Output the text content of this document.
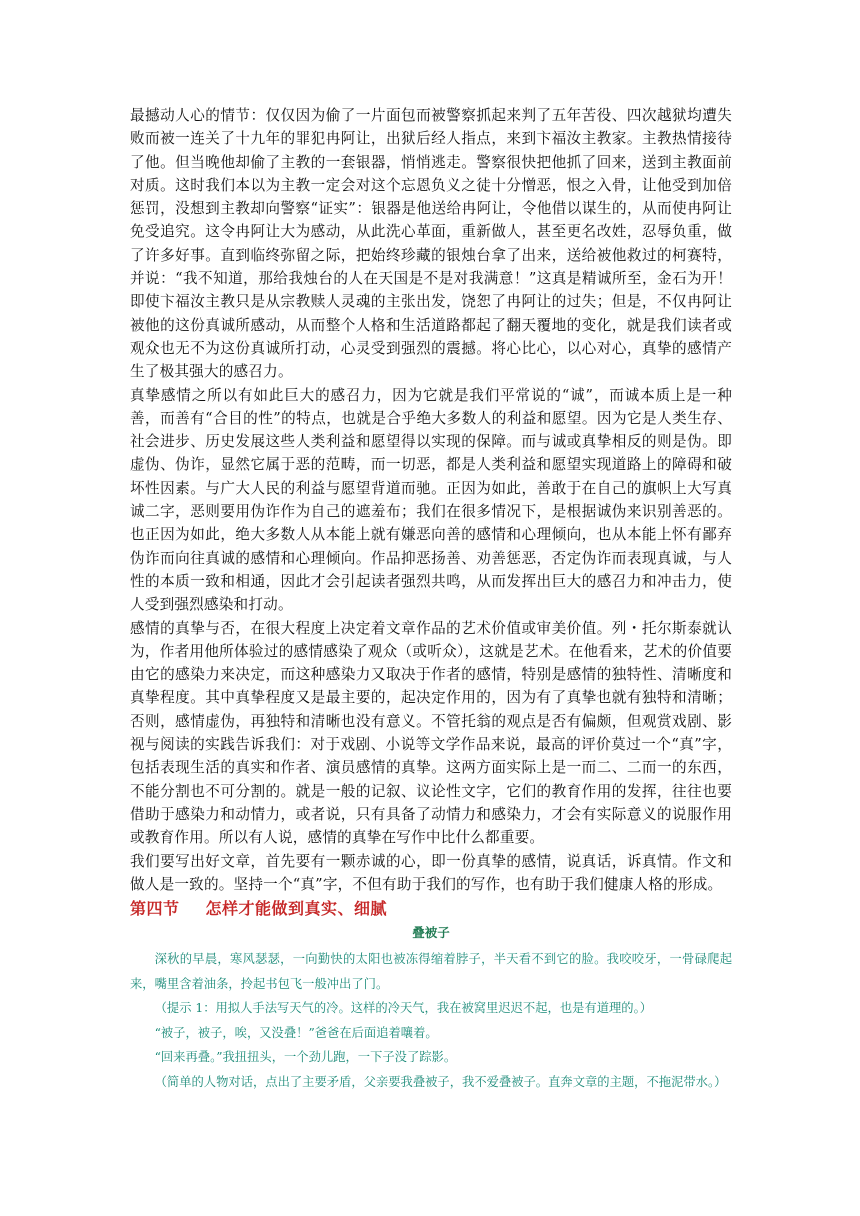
最撼动人心的情节：仅仅因为偷了一片面包而被警察抓起来判了五年苦役、四次越狱均遭失败而被一连关了十九年的罪犯冉阿让，出狱后经人指点，来到卞福汝主教家。主教热情接待了他。但当晚他却偷了主教的一套银器，悄悄逃走。警察很快把他抓了回来，送到主教面前对质。这时我们本以为主教一定会对这个忘恩负义之徒十分憎恶，恨之入骨，让他受到加倍惩罚，没想到主教却向警察“证实”：银器是他送给冉阿让，令他借以谋生的，从而使冉阿让免受追究。这令冉阿让大为感动，从此洗心革面，重新做人，甚至更名改姓，忍辱负重，做了许多好事。直到临终弥留之际，把始终珍藏的银烛台拿了出来，送给被他救过的柯赛特，并说：“我不知道，那给我烛台的人在天国是不是对我满意！”这真是精诚所至，金石为开！即使卞福汝主教只是从宗教赎人灵魂的主张出发，饶恕了冉阿让的过失；但是，不仅冉阿让被他的这份真诚所感动，从而整个人格和生活道路都起了翻天覆地的变化，就是我们读者或观众也无不为这份真诚所打动，心灵受到强烈的震撼。将心比心，以心对心，真挚的感情产生了极其强大的感召力。

真挚感情之所以有如此巨大的感召力，因为它就是我们平常说的“诚”，而诚本质上是一种善，而善有“合目的性”的特点，也就是合乎绝大多数人的利益和愿望。因为它是人类生存、社会进步、历史发展这些人类利益和愿望得以实现的保障。而与诚或真挚相反的则是伪。即虚伪、伪诈，显然它属于恶的范畴，而一切恶，都是人类利益和愿望实现道路上的障碍和破坏性因素。与广大人民的利益与愿望背道而驰。正因为如此，善敢于在自己的旗帜上大写真诚二字，恶则要用伪诈作为自己的遮羞布；我们在很多情况下，是根据诚伪来识别善恶的。也正因为如此，绝大多数人从本能上就有嫌恶向善的感情和心理倾向，也从本能上怀有鄙弃伪诈而向往真诚的感情和心理倾向。作品抑恶扬善、劝善惩恶，否定伪诈而表现真诚，与人性的本质一致和相通，因此才会引起读者强烈共鸣，从而发挥出巨大的感召力和冲击力，使人受到强烈感染和打动。

感情的真挚与否，在很大程度上决定着文章作品的艺术价值或审美价值。列・托尔斯泰就认为，作者用他所体验过的感情感染了观众（或听众），这就是艺术。在他看来，艺术的价值要由它的感染力来决定，而这种感染力又取决于作者的感情，特别是感情的独特性、清晰度和真挚程度。其中真挚程度又是最主要的，起决定作用的，因为有了真挚也就有独特和清晰；否则，感情虚伪，再独特和清晰也没有意义。不管托翁的观点是否有偏颇，但观赏戏剧、影视与阅读的实践告诉我们：对于戏剧、小说等文学作品来说，最高的评价莫过一个“真”字，包括表现生活的真实和作者、演员感情的真挚。这两方面实际上是一而二、二而一的东西，不能分割也不可分割的。就是一般的记叙、议论性文字，它们的教育作用的发挥，往往也要借助于感染力和动情力，或者说，只有具备了动情力和感染力，才会有实际意义的说服作用或教育作用。所以有人说，感情的真挚在写作中比什么都重要。

我们要写出好文章，首先要有一颗赤诚的心，即一份真挚的感情，说真话，诉真情。作文和做人是一致的。坚持一个“真”字，不但有助于我们的写作，也有助于我们健康人格的形成。

第四节 怎样才能做到真实、细腻
叠被子

深秋的早晨，寒风瑟瑟，一向勤快的太阳也被冻得缩着脖子，半天看不到它的脸。我咬咬牙，一骨碌爬起来，嘴里含着油条，拎起书包飞一般冲出了门。

（提示 1：用拟人手法写天气的冷。这样的冷天气，我在被窝里迟迟不起，也是有道理的。）

“被子，被子，唉，又没叠！”爸爸在后面追着嚷着。

“回来再叠。”我扭扭头，一个劲儿跑，一下子没了踪影。

（简单的人物对话，点出了主要矛盾，父亲要我叠被子，我不爱叠被子。直奔文章的主题，不拖泥带水。）
